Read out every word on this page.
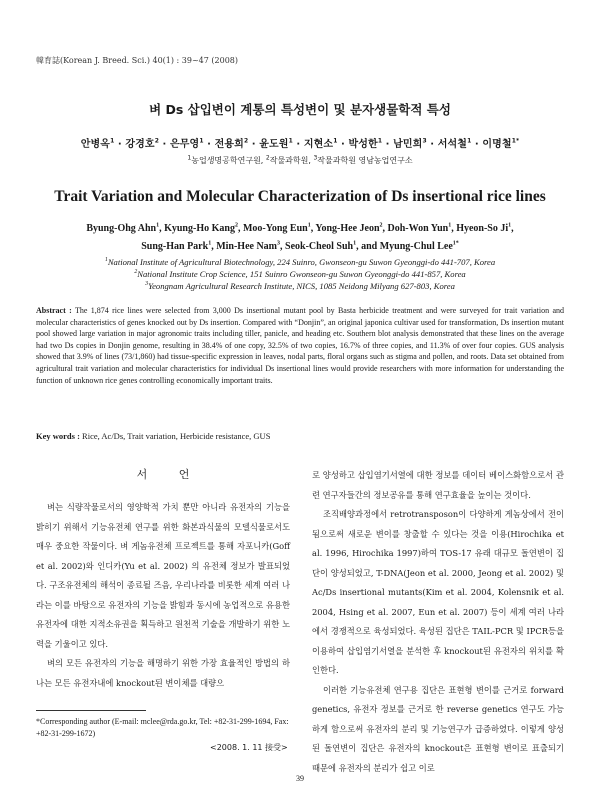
韓育誌(Korean J. Breed. Sci.) 40(1) : 39~47 (2008)
벼 Ds 삽입변이 계통의 특성변이 및 분자생물학적 특성
안병옥$^1$ · 강경호$^2$ · 은무영$^1$ · 전용희$^2$ · 윤도원$^1$ · 지현소$^1$ · 박성한$^1$ · 남민희$^3$ · 서석철$^1$ · 이명철$^{1*}$
$^1$농업생명공학연구원, $^2$작물과학원, $^3$작물과학원 영남농업연구소
Trait Variation and Molecular Characterization of Ds insertional rice lines
Byung-Ohg Ahn$^1$, Kyung-Ho Kang$^2$, Moo-Yong Eun$^1$, Yong-Hee Jeon$^2$, Doh-Won Yun$^1$, Hyeon-So Ji$^1$,
Sung-Han Park$^1$, Min-Hee Nam$^3$, Seok-Cheol Suh$^1$, and Myung-Chul Lee$^{1*}$
$^1$National Institute of Agricultural Biotechnology, 224 Suinro, Gwonseon-gu Suwon Gyeonggi-do 441-707, Korea
$^2$National Institute Crop Science, 151 Suinro Gwonseon-gu Suwon Gyeonggi-do 441-857, Korea
$^3$Yeongnam Agricultural Research Institute, NICS, 1085 Neidong Milyang 627-803, Korea
Abstract : The 1,874 rice lines were selected from 3,000 Ds insertional mutant pool by Basta herbicide treatment and were surveyed for trait variation and molecular characteristics of genes knocked out by Ds insertion. Compared with “Donjin”, an original japonica cultivar used for transformation, Ds insertion mutant pool showed large variation in major agronomic traits including tiller, panicle, and heading etc. Southern blot analysis demonstrated that these lines on the average had two Ds copies in Donjin genome, resulting in 38.4% of one copy, 32.5% of two copies, 16.7% of three copies, and 11.3% of over four copies. GUS analysis showed that 3.9% of lines (73/1,860) had tissue-specific expression in leaves, nodal parts, floral organs such as stigma and pollen, and roots. Data set obtained from agricultural trait variation and molecular characteristics for individual Ds insertional lines would provide researchers with more information for understanding the function of unknown rice genes controlling economically important traits.
Key words : Rice, Ac/Ds, Trait variation, Herbicide resistance, GUS
서 언

벼는 식량작물로서의 영양학적 가치 뿐만 아니라 유전자의 기능을 밝히기 위해서 기능유전체 연구를 위한 화본과식물의 모델식물로서도 매우 중요한 작물이다. 벼 게놈유전체 프로젝트를 통해 자포니카(Goff et al. 2002)와 인디카(Yu et al. 2002) 의 유전체 정보가 발표되었다. 구조유전체의 해석이 종료될 즈음, 우리나라를 비롯한 세계 여러 나라는 이를 바탕으로 유전자의 기능을 밝힘과 동시에 농업적으로 유용한 유전자에 대한 지적소유권을 획득하고 원천적 기술을 개발하기 위한 노력을 기울이고 있다.

벼의 모든 유전자의 기능을 해명하기 위한 가장 효율적인 방법의 하나는 모든 유전자내에 knockout된 변이체를 대량으

로 양성하고 삽입염기서열에 대한 정보를 데이터 베이스화함으로서 관련 연구자들간의 정보공유를 통해 연구효율을 높이는 것이다.

조직배양과정에서 retrotransposon이 다양하게 게놈상에서 전이됨으로써 새로운 변이를 창출할 수 있다는 것을 이용(Hirochika et al. 1996, Hirochika 1997)하여 TOS-17 유래 대규모 돌연변이 집단이 양성되었고, T-DNA(Jeon et al. 2000, Jeong et al. 2002) 및 Ac/Ds insertional mutants(Kim et al. 2004, Kolensnik et al. 2004, Hsing et al. 2007, Eun et al. 2007) 등이 세계 여러 나라에서 경쟁적으로 육성되었다. 육성된 집단은 TAIL-PCR 및 IPCR등을 이용하여 삽입염기서열을 분석한 후 knockout된 유전자의 위치를 확인한다.

이러한 기능유전체 연구용 집단은 표현형 변이를 근거로 forward genetics, 유전자 정보를 근거로 한 reverse genetics 연구도 가능하게 함으로써 유전자의 분리 및 기능연구가 급증하였다. 이렇게 양성된 돌연변이 집단은 유전자의 knockout은 표현형 변이로 표출되기 때문에 유전자의 분리가 쉽고 이로

*Corresponding author (E-mail: mclee@rda.go.kr, Tel: +82-31-299-1694, Fax: +82-31-299-1672)
<2008. 1. 11 接受>
39
